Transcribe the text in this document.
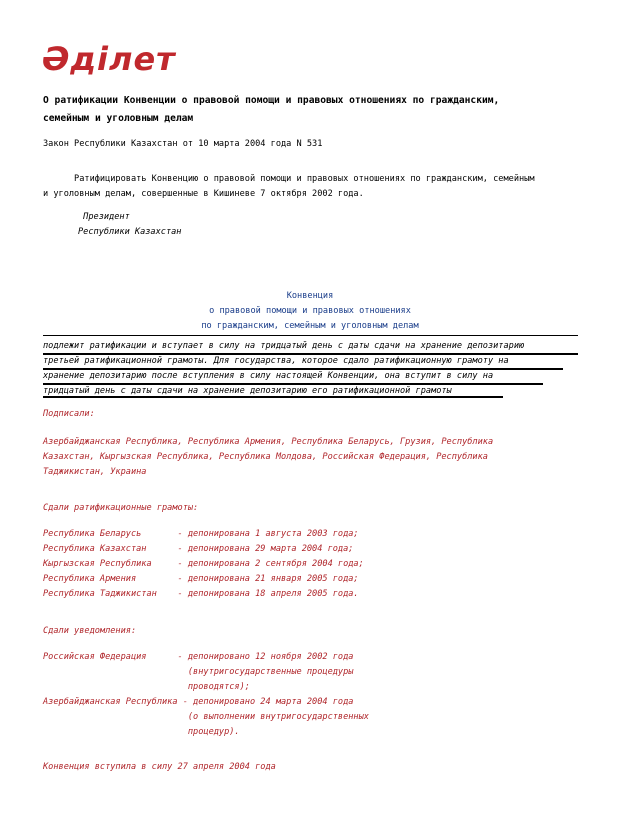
Әділет
О ратификации Конвенции о правовой помощи и правовых отношениях по гражданским,
семейным и уголовным делам
Закон Республики Казахстан от 10 марта 2004 года N 531
Ратифицировать Конвенцию о правовой помощи и правовых отношениях по гражданским, семейным
и уголовным делам, совершенные в Кишиневе 7 октября 2002 года.
Президент
Республики Казахстан
Конвенция
о правовой помощи и правовых отношениях
по гражданским, семейным и уголовным делам
подлежит ратификации и вступает в силу на тридцатый день с даты сдачи на хранение депозитарию
третьей ратификационной грамоты. Для государства, которое сдало ратификационную грамоту на
хранение депозитарию после вступления в силу настоящей Конвенции, она вступит в силу на
тридцатый день с даты сдачи на хранение депозитарию его ратификационной грамоты
Подписали:
Азербайджанская Республика, Республика Армения, Республика Беларусь, Грузия, Республика
Казахстан, Кыргызская Республика, Республика Молдова, Российская Федерация, Республика
Таджикистан, Украина
Сдали ратификационные грамоты:
Республика Беларусь       - депонирована 1 августа 2003 года;
Республика Казахстан      - депонирована 29 марта 2004 года;
Кыргызская Республика     - депонирована 2 сентября 2004 года;
Республика Армения        - депонирована 21 января 2005 года;
Республика Таджикистан    - депонирована 18 апреля 2005 года.
Сдали уведомления:
Российская Федерация      - депонировано 12 ноября 2002 года
(внутригосударственные процедуры
проводятся);
Азербайджанская Республика - депонировано 24 марта 2004 года
(о выполнении внутригосударственных
процедур).
Конвенция вступила в силу 27 апреля 2004 года
